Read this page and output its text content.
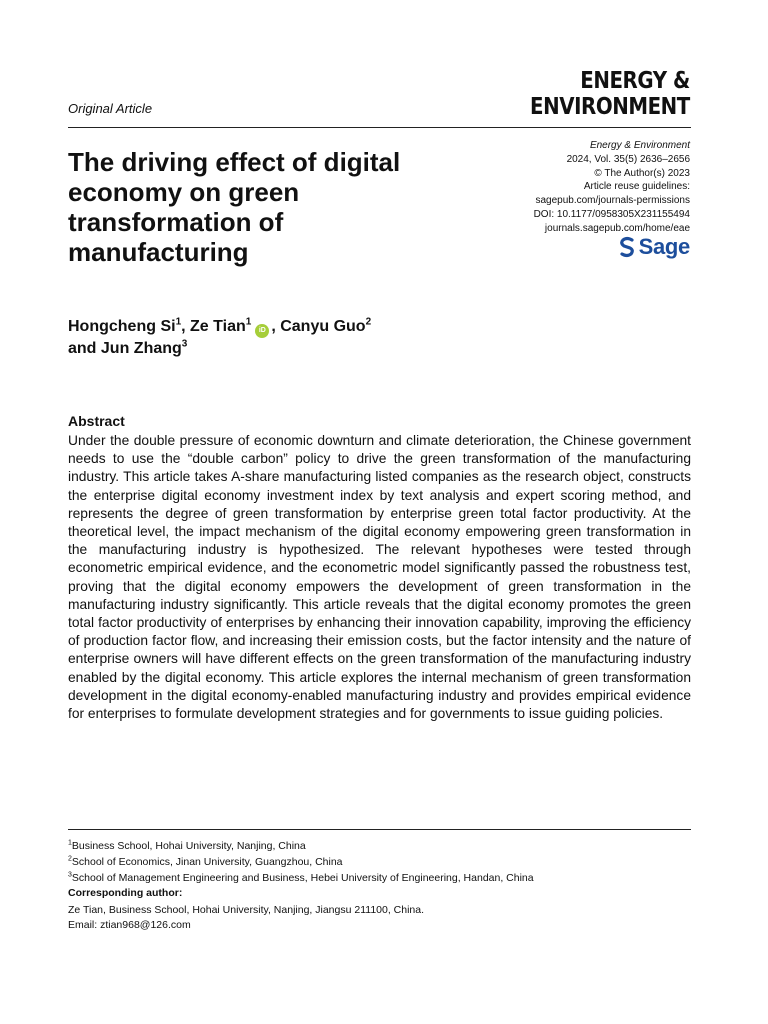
Original Article
ENERGY &
ENVIRONMENT
Energy & Environment
2024, Vol. 35(5) 2636–2656
© The Author(s) 2023
Article reuse guidelines:
sagepub.com/journals-permissions
DOI: 10.1177/0958305X231155494
journals.sagepub.com/home/eae
Sage
The driving effect of digital economy on green transformation of manufacturing
Hongcheng Si$^1$, Ze Tian$^1$iD , Canyu Guo$^2$
and Jun Zhang$^3$
Abstract

Under the double pressure of economic downturn and climate deterioration, the Chinese government needs to use the “double carbon” policy to drive the green transformation of the manufacturing industry. This article takes A-share manufacturing listed companies as the research object, constructs the enterprise digital economy investment index by text analysis and expert scoring method, and represents the degree of green transformation by enterprise green total factor productivity. At the theoretical level, the impact mechanism of the digital economy empowering green transformation in the manufacturing industry is hypothesized. The relevant hypotheses were tested through econometric empirical evidence, and the econometric model significantly passed the robustness test, proving that the digital economy empowers the development of green transformation in the manufacturing industry significantly. This article reveals that the digital economy promotes the green total factor productivity of enterprises by enhancing their innovation capability, improving the efficiency of production factor flow, and increasing their emission costs, but the factor intensity and the nature of enterprise owners will have different effects on the green transformation of the manufacturing industry enabled by the digital economy. This article explores the internal mechanism of green transformation development in the digital economy-enabled manufacturing industry and provides empirical evidence for enterprises to formulate development strategies and for governments to issue guiding policies.

$^1$Business School, Hohai University, Nanjing, China
$^2$School of Economics, Jinan University, Guangzhou, China
$^3$School of Management Engineering and Business, Hebei University of Engineering, Handan, China
Corresponding author:
Ze Tian, Business School, Hohai University, Nanjing, Jiangsu 211100, China.
Email: ztian968@126.com
